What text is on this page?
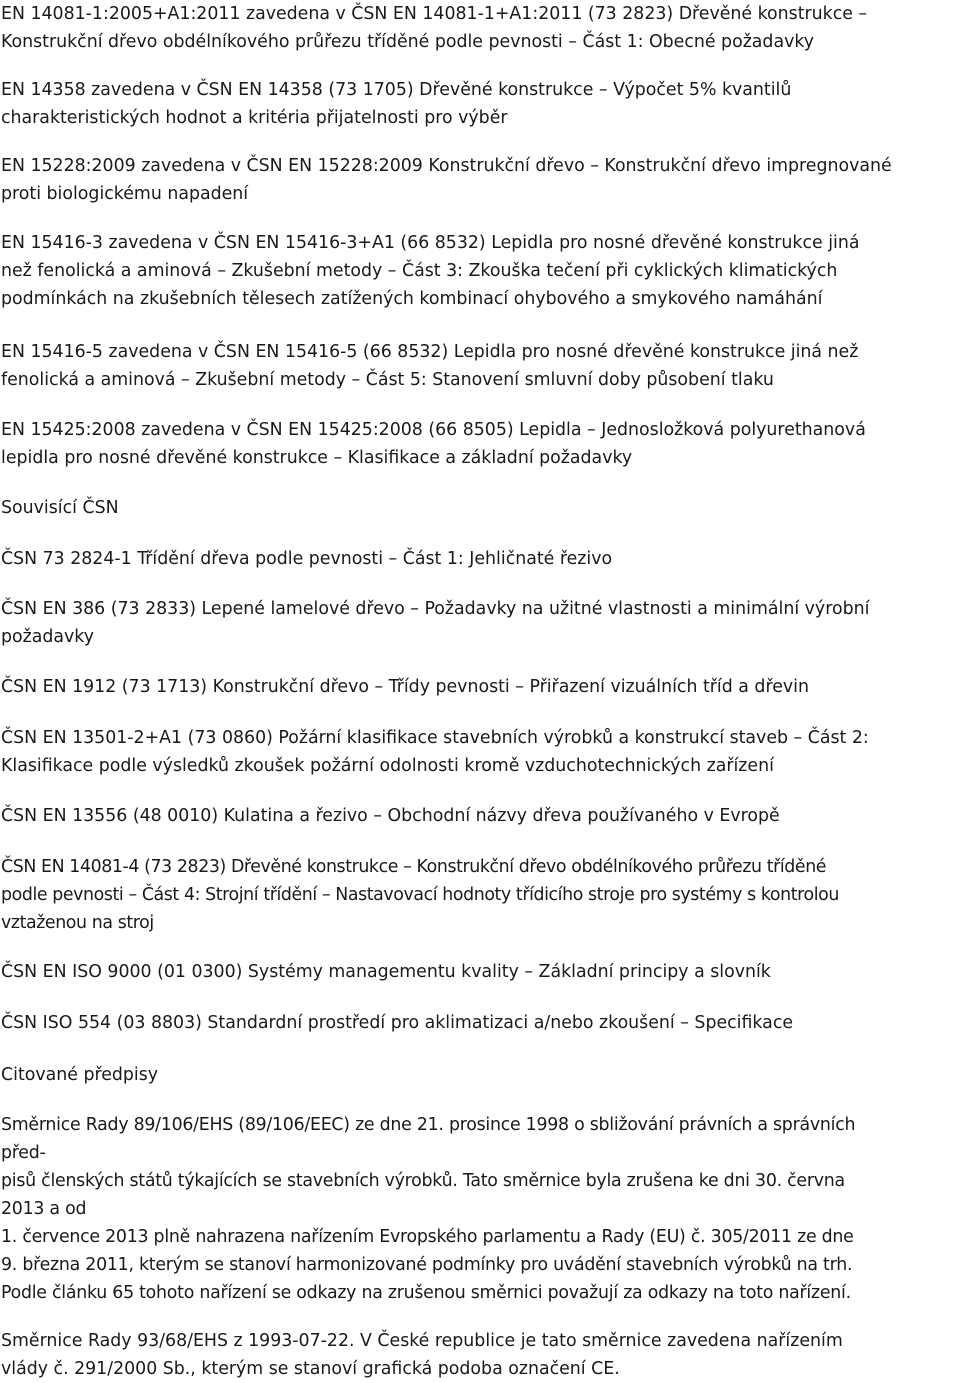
EN 14081-1:2005+A1:2011 zavedena v ČSN EN 14081-1+A1:2011 (73 2823) Dřevěné konstrukce –
Konstrukční dřevo obdélníkového průřezu tříděné podle pevnosti – Část 1: Obecné požadavky

EN 14358 zavedena v ČSN EN 14358 (73 1705) Dřevěné konstrukce – Výpočet 5% kvantilů
charakteristických hodnot a kritéria přijatelnosti pro výběr

EN 15228:2009 zavedena v ČSN EN 15228:2009 Konstrukční dřevo – Konstrukční dřevo impregnované
proti biologickému napadení

EN 15416-3 zavedena v ČSN EN 15416-3+A1 (66 8532) Lepidla pro nosné dřevěné konstrukce jiná
než fenolická a aminová – Zkušební metody – Část 3: Zkouška tečení při cyklických klimatických
podmínkách na zkušebních tělesech zatížených kombinací ohybového a smykového namáhání

EN 15416-5 zavedena v ČSN EN 15416-5 (66 8532) Lepidla pro nosné dřevěné konstrukce jiná než
fenolická a aminová – Zkušební metody – Část 5: Stanovení smluvní doby působení tlaku

EN 15425:2008 zavedena v ČSN EN 15425:2008 (66 8505) Lepidla – Jednosložková polyurethanová
lepidla pro nosné dřevěné konstrukce – Klasifikace a základní požadavky

Souvisící ČSN

ČSN 73 2824-1 Třídění dřeva podle pevnosti – Část 1: Jehličnaté řezivo

ČSN EN 386 (73 2833) Lepené lamelové dřevo – Požadavky na užitné vlastnosti a minimální výrobní
požadavky

ČSN EN 1912 (73 1713) Konstrukční dřevo – Třídy pevnosti – Přiřazení vizuálních tříd a dřevin

ČSN EN 13501-2+A1 (73 0860) Požární klasifikace stavebních výrobků a konstrukcí staveb – Část 2:
Klasifikace podle výsledků zkoušek požární odolnosti kromě vzduchotechnických zařízení

ČSN EN 13556 (48 0010) Kulatina a řezivo – Obchodní názvy dřeva používaného v Evropě

ČSN EN 14081-4 (73 2823) Dřevěné konstrukce – Konstrukční dřevo obdélníkového průřezu tříděné
podle pevnosti – Část 4: Strojní třídění – Nastavovací hodnoty třídicího stroje pro systémy s kontrolou
vztaženou na stroj

ČSN EN ISO 9000 (01 0300) Systémy managementu kvality – Základní principy a slovník

ČSN ISO 554 (03 8803) Standardní prostředí pro aklimatizaci a/nebo zkoušení – Specifikace

Citované předpisy

Směrnice Rady 89/106/EHS (89/106/EEC) ze dne 21. prosince 1998 o sbližování právních a správních
před-
pisů členských států týkajících se stavebních výrobků. Tato směrnice byla zrušena ke dni 30. června
2013 a od
1. července 2013 plně nahrazena nařízením Evropského parlamentu a Rady (EU) č. 305/2011 ze dne
9. března 2011, kterým se stanoví harmonizované podmínky pro uvádění stavebních výrobků na trh.
Podle článku 65 tohoto nařízení se odkazy na zrušenou směrnici považují za odkazy na toto nařízení.

Směrnice Rady 93/68/EHS z 1993-07-22. V České republice je tato směrnice zavedena nařízením
vlády č. 291/2000 Sb., kterým se stanoví grafická podoba označení CE.
